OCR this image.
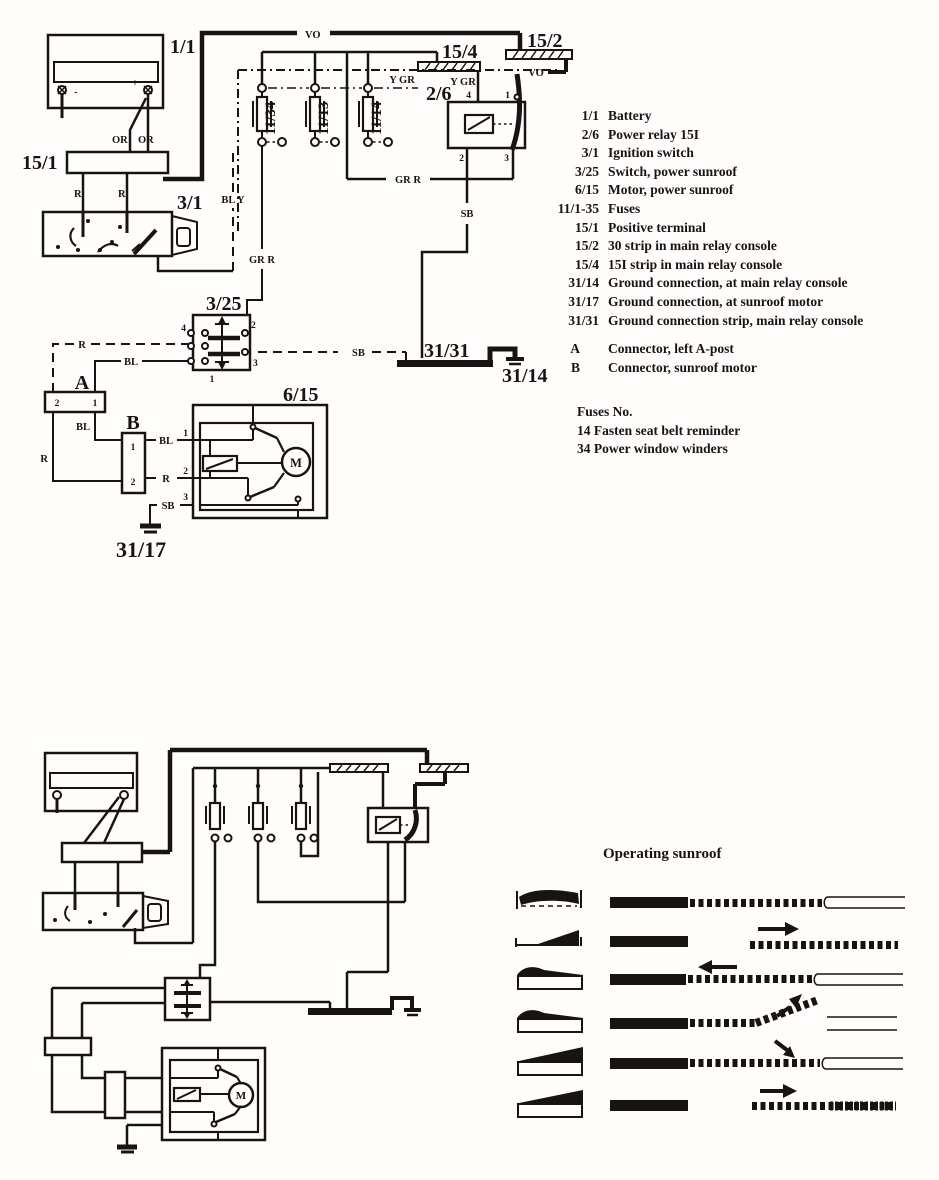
-
+
1/1
OR OR
15/1
R	R
VO
3/1 BL Y
GR R
11/34 11/13 11/14
15/4
Y GR	Y GR
15/2
VO
2/6 4	1
2	3
GR R
SB
31/31
SB
31/14
3/25
4	2
1
3
R
BL
A
2	1
BL
R
B
1
2
BL
R
6/15
1
2
3
M
SB
31/17
1/1 Battery
2/6 Power relay 15I
3/1 Ignition switch
3/25 Switch, power sunroof
6/15 Motor, power sunroof
11/1-35 Fuses
15/1 Positive terminal
15/2 30 strip in main relay console
15/4 15I strip in main relay console
31/14 Ground connection, at main relay console
31/17 Ground connection, at sunroof motor
31/31 Ground connection strip, main relay console
A Connector, left A-post
B Connector, sunroof motor
Fuses No.
14 Fasten seat belt reminder
34 Power window winders
M
Operating sunroof
